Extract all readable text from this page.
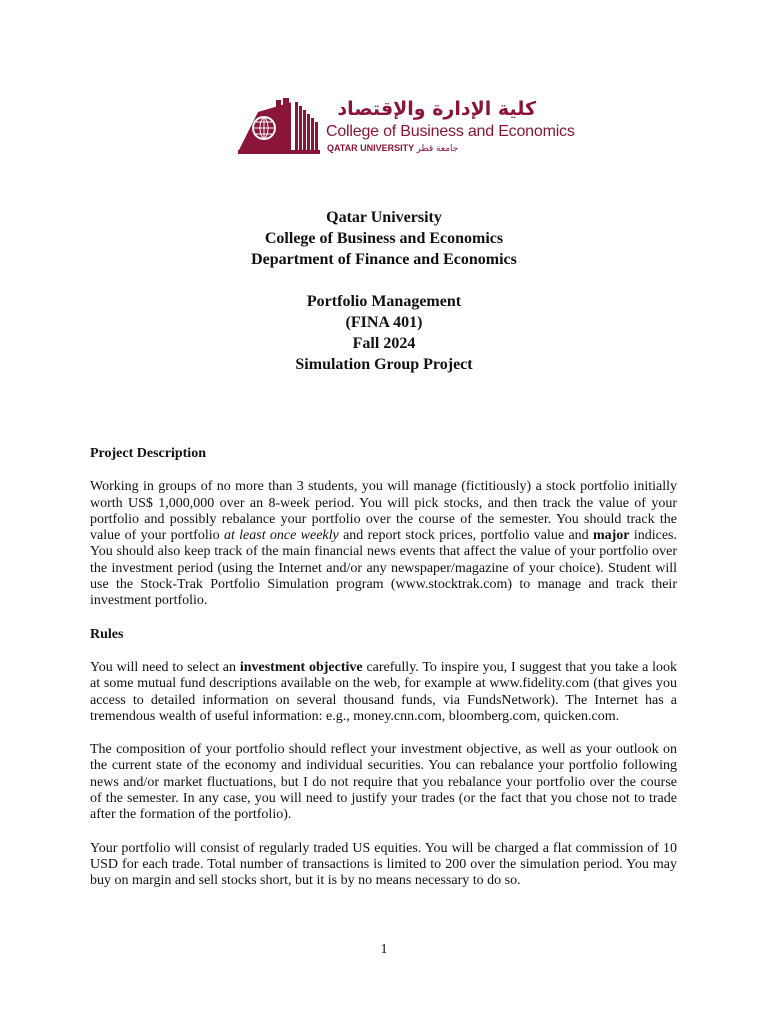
كلية الإدارة والإقتصاد
College of Business and Economics
QATAR UNIVERSITY جامعة قطر
Qatar University
College of Business and Economics
Department of Finance and Economics
Portfolio Management
(FINA 401)
Fall 2024
Simulation Group Project
Project Description

Working in groups of no more than 3 students, you will manage (fictitiously) a stock portfolio initially worth US$ 1,000,000 over an 8-week period. You will pick stocks, and then track the value of your portfolio and possibly rebalance your portfolio over the course of the semester. You should track the value of your portfolio at least once weekly and report stock prices, portfolio value and major indices. You should also keep track of the main financial news events that affect the value of your portfolio over the investment period (using the Internet and/or any newspaper/magazine of your choice). Student will use the Stock-Trak Portfolio Simulation program (www.stocktrak.com) to manage and track their investment portfolio.

Rules

You will need to select an investment objective carefully. To inspire you, I suggest that you take a look at some mutual fund descriptions available on the web, for example at www.fidelity.com (that gives you access to detailed information on several thousand funds, via FundsNetwork). The Internet has a tremendous wealth of useful information: e.g., money.cnn.com, bloomberg.com, quicken.com.

The composition of your portfolio should reflect your investment objective, as well as your outlook on the current state of the economy and individual securities. You can rebalance your portfolio following news and/or market fluctuations, but I do not require that you rebalance your portfolio over the course of the semester. In any case, you will need to justify your trades (or the fact that you chose not to trade after the formation of the portfolio).

Your portfolio will consist of regularly traded US equities. You will be charged a flat commission of 10 USD for each trade. Total number of transactions is limited to 200 over the simulation period. You may buy on margin and sell stocks short, but it is by no means necessary to do so.

1
